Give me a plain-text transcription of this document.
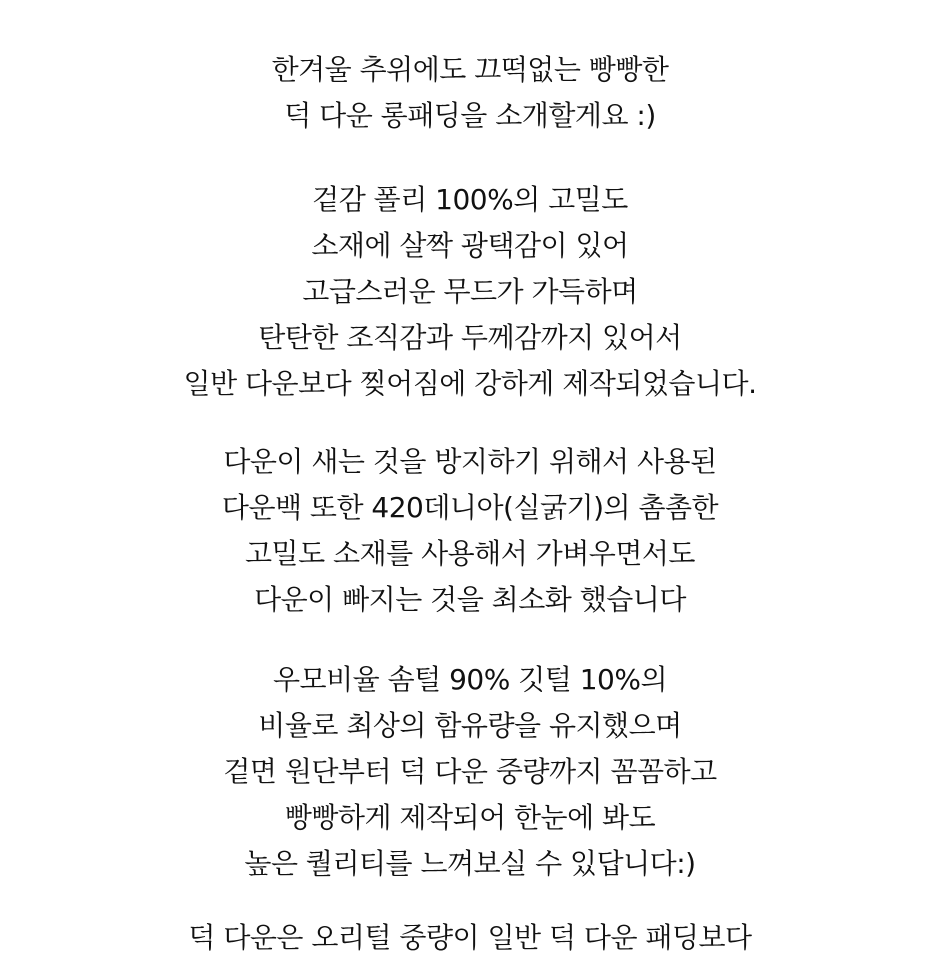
한겨울 추위에도 끄떡없는 빵빵한
덕 다운 롱패딩을 소개할게요 :)
겉감 폴리 100%의 고밀도
소재에 살짝 광택감이 있어
고급스러운 무드가 가득하며
탄탄한 조직감과 두께감까지 있어서
일반 다운보다 찢어짐에 강하게 제작되었습니다.
다운이 새는 것을 방지하기 위해서 사용된
다운백 또한 420데니아(실굵기)의 촘촘한
고밀도 소재를 사용해서 가벼우면서도
다운이 빠지는 것을 최소화 했습니다
우모비율 솜털 90% 깃털 10%의
비율로 최상의 함유량을 유지했으며
겉면 원단부터 덕 다운 중량까지 꼼꼼하고
빵빵하게 제작되어 한눈에 봐도
높은 퀄리티를 느껴보실 수 있답니다:)
덕 다운은 오리털 중량이 일반 덕 다운 패딩보다
